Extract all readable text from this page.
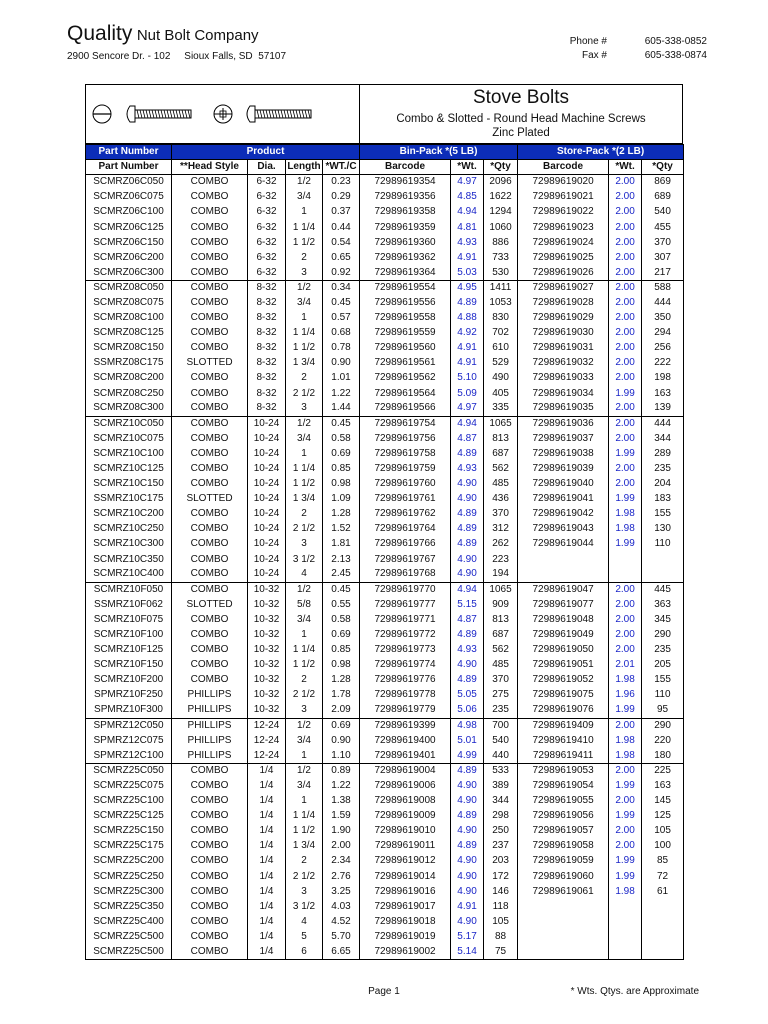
Quality Nut Bolt Company
2900 Sencore Dr. - 102     Sioux Falls, SD  57107
Phone #	605-338-0852
Fax #	605-338-0874
Stove Bolts
Combo & Slotted - Round Head Machine Screws
Zinc Plated
Part Number	Product				Bin-Pack *(5 LB)			Store-Pack *(2 LB)		
Part Number	**Head Style	Dia.	Length	*WT./C	Barcode	*Wt.	*Qty	Barcode	*Wt.	*Qty
SCMRZ06C050	COMBO	6-32	1/2	0.23	72989619354	4.97	2096	72989619020	2.00	869
SCMRZ06C075	COMBO	6-32	3/4	0.29	72989619356	4.85	1622	72989619021	2.00	689
SCMRZ06C100	COMBO	6-32	1	0.37	72989619358	4.94	1294	72989619022	2.00	540
SCMRZ06C125	COMBO	6-32	1 1/4	0.44	72989619359	4.81	1060	72989619023	2.00	455
SCMRZ06C150	COMBO	6-32	1 1/2	0.54	72989619360	4.93	886	72989619024	2.00	370
SCMRZ06C200	COMBO	6-32	2	0.65	72989619362	4.91	733	72989619025	2.00	307
SCMRZ06C300	COMBO	6-32	3	0.92	72989619364	5.03	530	72989619026	2.00	217
SCMRZ08C050	COMBO	8-32	1/2	0.34	72989619554	4.95	1411	72989619027	2.00	588
SCMRZ08C075	COMBO	8-32	3/4	0.45	72989619556	4.89	1053	72989619028	2.00	444
SCMRZ08C100	COMBO	8-32	1	0.57	72989619558	4.88	830	72989619029	2.00	350
SCMRZ08C125	COMBO	8-32	1 1/4	0.68	72989619559	4.92	702	72989619030	2.00	294
SCMRZ08C150	COMBO	8-32	1 1/2	0.78	72989619560	4.91	610	72989619031	2.00	256
SSMRZ08C175	SLOTTED	8-32	1 3/4	0.90	72989619561	4.91	529	72989619032	2.00	222
SCMRZ08C200	COMBO	8-32	2	1.01	72989619562	5.10	490	72989619033	2.00	198
SCMRZ08C250	COMBO	8-32	2 1/2	1.22	72989619564	5.09	405	72989619034	1.99	163
SCMRZ08C300	COMBO	8-32	3	1.44	72989619566	4.97	335	72989619035	2.00	139
SCMRZ10C050	COMBO	10-24	1/2	0.45	72989619754	4.94	1065	72989619036	2.00	444
SCMRZ10C075	COMBO	10-24	3/4	0.58	72989619756	4.87	813	72989619037	2.00	344
SCMRZ10C100	COMBO	10-24	1	0.69	72989619758	4.89	687	72989619038	1.99	289
SCMRZ10C125	COMBO	10-24	1 1/4	0.85	72989619759	4.93	562	72989619039	2.00	235
SCMRZ10C150	COMBO	10-24	1 1/2	0.98	72989619760	4.90	485	72989619040	2.00	204
SSMRZ10C175	SLOTTED	10-24	1 3/4	1.09	72989619761	4.90	436	72989619041	1.99	183
SCMRZ10C200	COMBO	10-24	2	1.28	72989619762	4.89	370	72989619042	1.98	155
SCMRZ10C250	COMBO	10-24	2 1/2	1.52	72989619764	4.89	312	72989619043	1.98	130
SCMRZ10C300	COMBO	10-24	3	1.81	72989619766	4.89	262	72989619044	1.99	110
SCMRZ10C350	COMBO	10-24	3 1/2	2.13	72989619767	4.90	223			
SCMRZ10C400	COMBO	10-24	4	2.45	72989619768	4.90	194			
SCMRZ10F050	COMBO	10-32	1/2	0.45	72989619770	4.94	1065	72989619047	2.00	445
SSMRZ10F062	SLOTTED	10-32	5/8	0.55	72989619777	5.15	909	72989619077	2.00	363
SCMRZ10F075	COMBO	10-32	3/4	0.58	72989619771	4.87	813	72989619048	2.00	345
SCMRZ10F100	COMBO	10-32	1	0.69	72989619772	4.89	687	72989619049	2.00	290
SCMRZ10F125	COMBO	10-32	1 1/4	0.85	72989619773	4.93	562	72989619050	2.00	235
SCMRZ10F150	COMBO	10-32	1 1/2	0.98	72989619774	4.90	485	72989619051	2.01	205
SCMRZ10F200	COMBO	10-32	2	1.28	72989619776	4.89	370	72989619052	1.98	155
SPMRZ10F250	PHILLIPS	10-32	2 1/2	1.78	72989619778	5.05	275	72989619075	1.96	110
SPMRZ10F300	PHILLIPS	10-32	3	2.09	72989619779	5.06	235	72989619076	1.99	95
SPMRZ12C050	PHILLIPS	12-24	1/2	0.69	72989619399	4.98	700	72989619409	2.00	290
SPMRZ12C075	PHILLIPS	12-24	3/4	0.90	72989619400	5.01	540	72989619410	1.98	220
SPMRZ12C100	PHILLIPS	12-24	1	1.10	72989619401	4.99	440	72989619411	1.98	180
SCMRZ25C050	COMBO	1/4	1/2	0.89	72989619004	4.89	533	72989619053	2.00	225
SCMRZ25C075	COMBO	1/4	3/4	1.22	72989619006	4.90	389	72989619054	1.99	163
SCMRZ25C100	COMBO	1/4	1	1.38	72989619008	4.90	344	72989619055	2.00	145
SCMRZ25C125	COMBO	1/4	1 1/4	1.59	72989619009	4.89	298	72989619056	1.99	125
SCMRZ25C150	COMBO	1/4	1 1/2	1.90	72989619010	4.90	250	72989619057	2.00	105
SCMRZ25C175	COMBO	1/4	1 3/4	2.00	72989619011	4.89	237	72989619058	2.00	100
SCMRZ25C200	COMBO	1/4	2	2.34	72989619012	4.90	203	72989619059	1.99	85
SCMRZ25C250	COMBO	1/4	2 1/2	2.76	72989619014	4.90	172	72989619060	1.99	72
SCMRZ25C300	COMBO	1/4	3	3.25	72989619016	4.90	146	72989619061	1.98	61
SCMRZ25C350	COMBO	1/4	3 1/2	4.03	72989619017	4.91	118			
SCMRZ25C400	COMBO	1/4	4	4.52	72989619018	4.90	105			
SCMRZ25C500	COMBO	1/4	5	5.70	72989619019	5.17	88			
SCMRZ25C500	COMBO	1/4	6	6.65	72989619002	5.14	75			
Page 1	* Wts. Qtys. are Approximate
